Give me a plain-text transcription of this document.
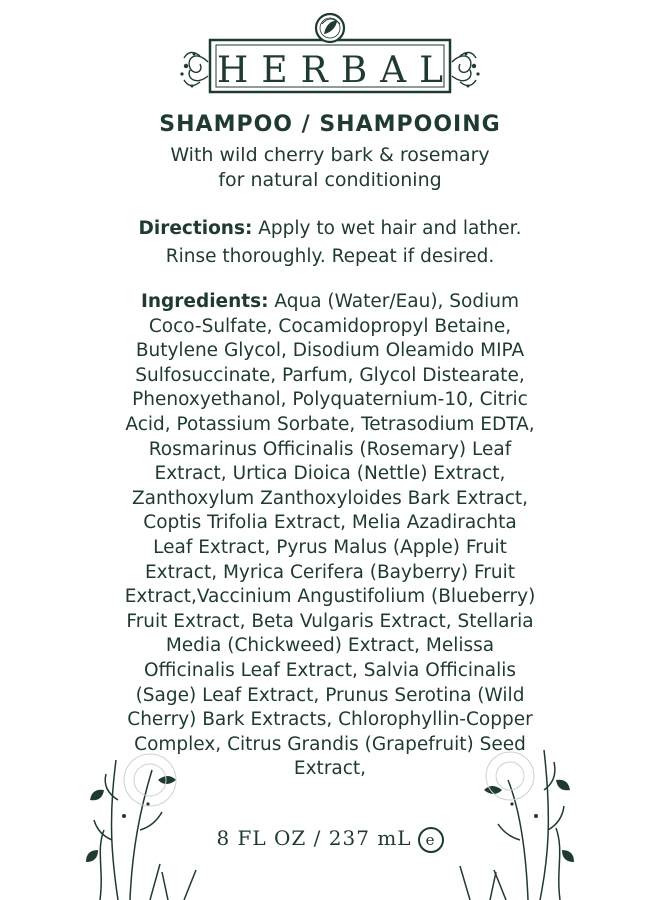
HERBAL
SHAMPOO / SHAMPOOING
With wild cherry bark & rosemary
for natural conditioning
Directions: Apply to wet hair and lather.
Rinse thoroughly. Repeat if desired.
Ingredients: Aqua (Water/Eau), Sodium Coco-Sulfate, Cocamidopropyl Betaine, Butylene Glycol, Disodium Oleamido MIPA Sulfosuccinate, Parfum, Glycol Distearate, Phenoxyethanol, Polyquaternium-10, Citric Acid, Potassium Sorbate, Tetrasodium EDTA, Rosmarinus Officinalis (Rosemary) Leaf Extract, Urtica Dioica (Nettle) Extract, Zanthoxylum Zanthoxyloides Bark Extract, Coptis Trifolia Extract, Melia Azadirachta Leaf Extract, Pyrus Malus (Apple) Fruit Extract, Myrica Cerifera (Bayberry) Fruit Extract,Vaccinium Angustifolium (Blueberry) Fruit Extract, Beta Vulgaris Extract, Stellaria Media (Chickweed) Extract, Melissa Officinalis Leaf Extract, Salvia Officinalis (Sage) Leaf Extract, Prunus Serotina (Wild Cherry) Bark Extracts, Chlorophyllin-Copper Complex, Citrus Grandis (Grapefruit) Seed Extract,
8 FL OZ / 237 mL e
